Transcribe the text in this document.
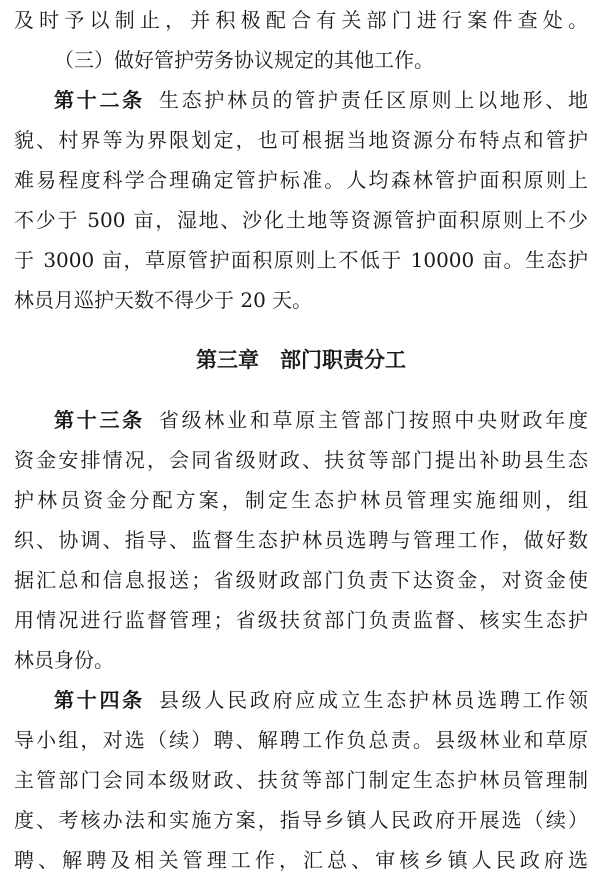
及时予以制止，并积极配合有关部门进行案件查处。
（三）做好管护劳务协议规定的其他工作。
第十二条 生态护林员的管护责任区原则上以地形、地
貌、村界等为界限划定，也可根据当地资源分布特点和管护
难易程度科学合理确定管护标准。人均森林管护面积原则上
不少于 500 亩，湿地、沙化土地等资源管护面积原则上不少
于 3000 亩，草原管护面积原则上不低于 10000 亩。生态护
林员月巡护天数不得少于 20 天。
第三章　部门职责分工
第十三条 省级林业和草原主管部门按照中央财政年度
资金安排情况，会同省级财政、扶贫等部门提出补助县生态
护林员资金分配方案，制定生态护林员管理实施细则，组
织、协调、指导、监督生态护林员选聘与管理工作，做好数
据汇总和信息报送；省级财政部门负责下达资金，对资金使
用情况进行监督管理；省级扶贫部门负责监督、核实生态护
林员身份。
第十四条 县级人民政府应成立生态护林员选聘工作领
导小组，对选（续）聘、解聘工作负总责。县级林业和草原
主管部门会同本级财政、扶贫等部门制定生态护林员管理制
度、考核办法和实施方案，指导乡镇人民政府开展选（续）
聘、解聘及相关管理工作，汇总、审核乡镇人民政府选
